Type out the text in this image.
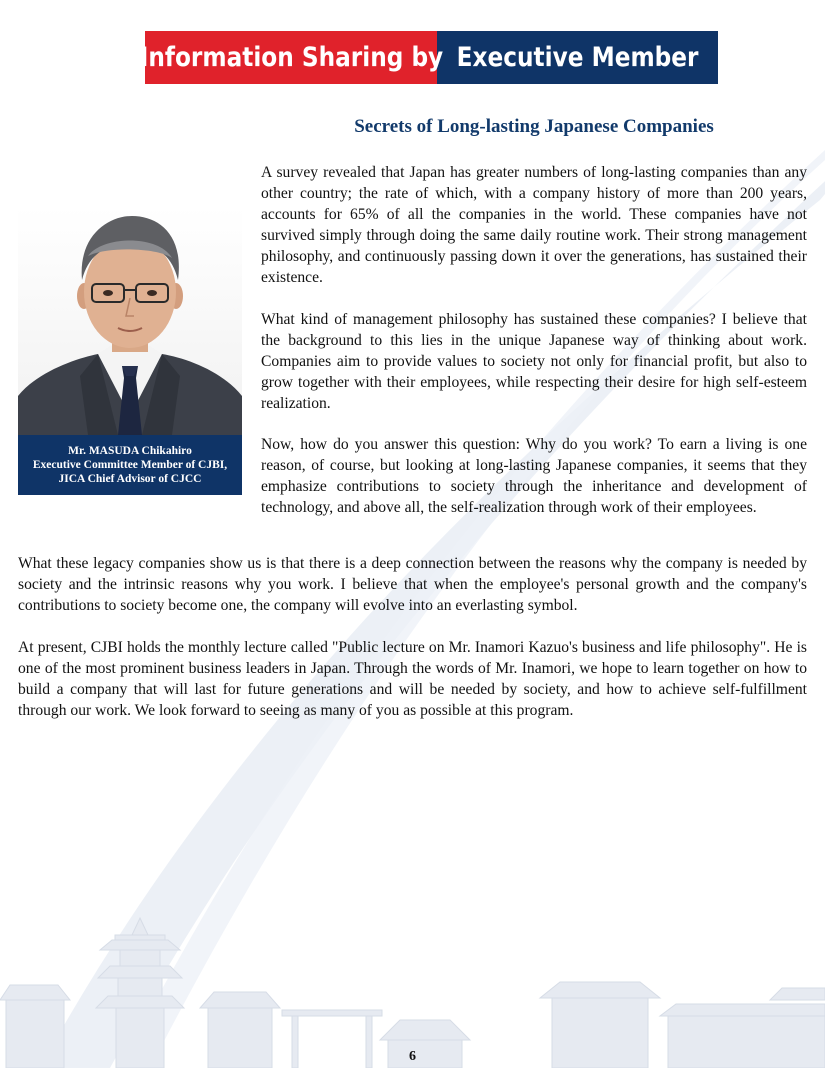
Information Sharing by Executive Member
Secrets of Long-lasting Japanese Companies

A survey revealed that Japan has greater numbers of long-lasting companies than any other country; the rate of which, with a company history of more than 200 years, accounts for 65% of all the companies in the world. These companies have not survived simply through doing the same daily routine work. Their strong management philosophy, and continuously passing down it over the generations, has sustained their existence.

What kind of management philosophy has sustained these companies? I believe that the background to this lies in the unique Japanese way of thinking about work. Companies aim to provide values to society not only for financial profit, but also to grow together with their employees, while respecting their desire for high self-esteem realization.

Now, how do you answer this question: Why do you work? To earn a living is one reason, of course, but looking at long-lasting Japanese companies, it seems that they emphasize contributions to society through the inheritance and development of technology, and above all, the self-realization through work of their employees.

What these legacy companies show us is that there is a deep connection between the reasons why the company is needed by society and the intrinsic reasons why you work. I believe that when the employee's personal growth and the company's contributions to society become one, the company will evolve into an everlasting symbol.

At present, CJBI holds the monthly lecture called "Public lecture on Mr. Inamori Kazuo's business and life philosophy". He is one of the most prominent business leaders in Japan. Through the words of Mr. Inamori, we hope to learn together on how to build a company that will last for future generations and will be needed by society, and how to achieve self-fulfillment through our work. We look forward to seeing as many of you as possible at this program.

Mr. MASUDA Chikahiro
Executive Committee Member of CJBI,
JICA Chief Advisor of CJCC
6
